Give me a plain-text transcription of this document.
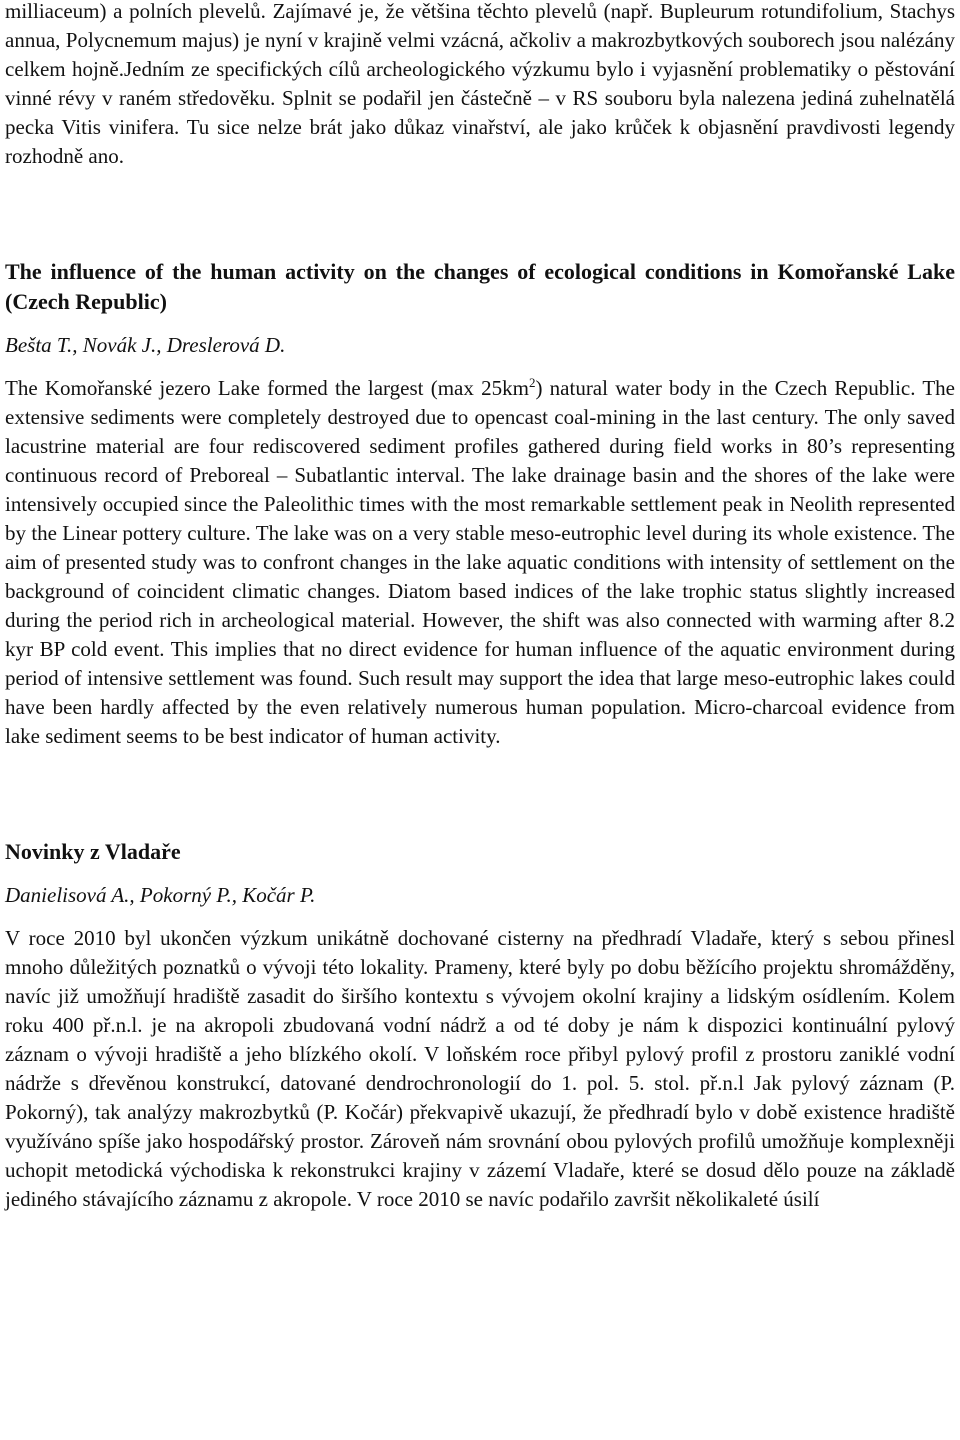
milliaceum) a polních plevelů. Zajímavé je, že většina těchto plevelů (např. Bupleurum rotundifolium, Stachys annua, Polycnemum majus) je nyní v krajině velmi vzácná, ačkoliv a makrozbytkových souborech jsou nalézány celkem hojně.Jedním ze specifických cílů archeologického výzkumu bylo i vyjasnění problematiky o pěstování vinné révy v raném středověku. Splnit se podařil jen částečně – v RS souboru byla nalezena jediná zuhelnatělá pecka Vitis vinifera. Tu sice nelze brát jako důkaz vinařství, ale jako krůček k objasnění pravdivosti legendy rozhodně ano.

The influence of the human activity on the changes of ecological conditions in Komořanské Lake (Czech Republic)

Bešta T., Novák J., Dreslerová D.

The Komořanské jezero Lake formed the largest (max $25km^2$) natural water body in the Czech Republic. The extensive sediments were completely destroyed due to opencast coal-mining in the last century. The only saved lacustrine material are four rediscovered sediment profiles gathered during field works in 80’s representing continuous record of Preboreal – Subatlantic interval. The lake drainage basin and the shores of the lake were intensively occupied since the Paleolithic times with the most remarkable settlement peak in Neolith represented by the Linear pottery culture. The lake was on a very stable meso-eutrophic level during its whole existence. The aim of presented study was to confront changes in the lake aquatic conditions with intensity of settlement on the background of coincident climatic changes. Diatom based indices of the lake trophic status slightly increased during the period rich in archeological material. However, the shift was also connected with warming after 8.2 kyr BP cold event. This implies that no direct evidence for human influence of the aquatic environment during period of intensive settlement was found. Such result may support the idea that large meso-eutrophic lakes could have been hardly affected by the even relatively numerous human population. Micro-charcoal evidence from lake sediment seems to be best indicator of human activity.

Novinky z Vladaře

Danielisová A., Pokorný P., Kočár P.

V roce 2010 byl ukončen výzkum unikátně dochované cisterny na předhradí Vladaře, který s sebou přinesl mnoho důležitých poznatků o vývoji této lokality. Prameny, které byly po dobu běžícího projektu shromážděny, navíc již umožňují hradiště zasadit do širšího kontextu s vývojem okolní krajiny a lidským osídlením. Kolem roku 400 př.n.l. je na akropoli zbudovaná vodní nádrž a od té doby je nám k dispozici kontinuální pylový záznam o vývoji hradiště a jeho blízkého okolí. V loňském roce přibyl pylový profil z prostoru zaniklé vodní nádrže s dřevěnou konstrukcí, datované dendrochronologií do 1. pol. 5. stol. př.n.l Jak pylový záznam (P. Pokorný), tak analýzy makrozbytků (P. Kočár) překvapivě ukazují, že předhradí bylo v době existence hradiště využíváno spíše jako hospodářský prostor. Zároveň nám srovnání obou pylových profilů umožňuje komplexněji uchopit metodická východiska k rekonstrukci krajiny v zázemí Vladaře, které se dosud dělo pouze na základě jediného stávajícího záznamu z akropole. V roce 2010 se navíc podařilo završit několikaleté úsilí
